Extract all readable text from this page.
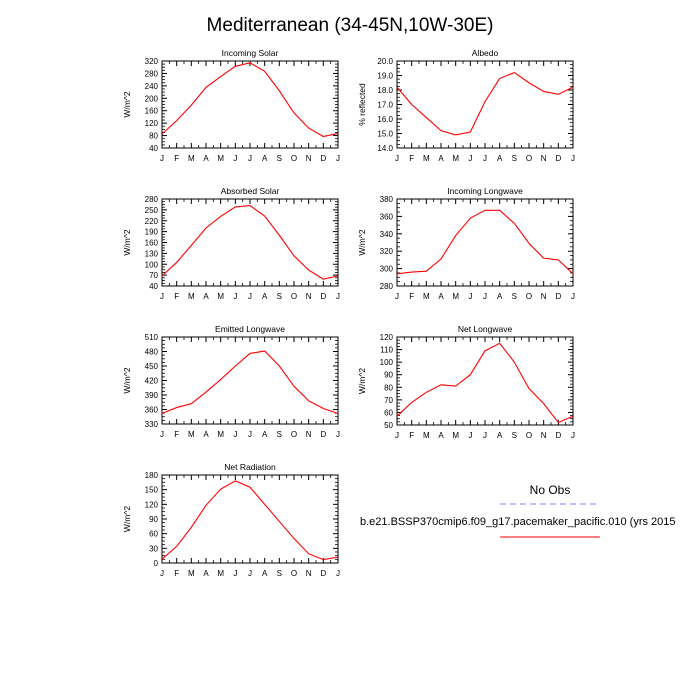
Mediterranean (34-45N,10W-30E)
Incoming Solar
W/m^2
40
80
120
160
200
240
280
320
J F M A M J J A S O N D J
Albedo
% reflected
14.0
15.0
16.0
17.0
18.0
19.0
20.0
J F M A M J J A S O N D J
Absorbed Solar
W/m^2
40
70
100
130
160
190
220
250
280
J F M A M J J A S O N D J
Incoming Longwave
W/m^2
280
300
320
340
360
380
J F M A M J J A S O N D J
Emitted Longwave
W/m^2
330
360
390
420
450
480
510
J F M A M J J A S O N D J
Net Longwave
W/m^2
50
60
70
80
90
100
110
120
J F M A M J J A S O N D J
Net Radiation
W/m^2
0
30
60
90
120
150
180
J F M A M J J A S O N D J
No Obs
b.e21.BSSP370cmip6.f09_g17.pacemaker_pacific.010 (yrs 2015
